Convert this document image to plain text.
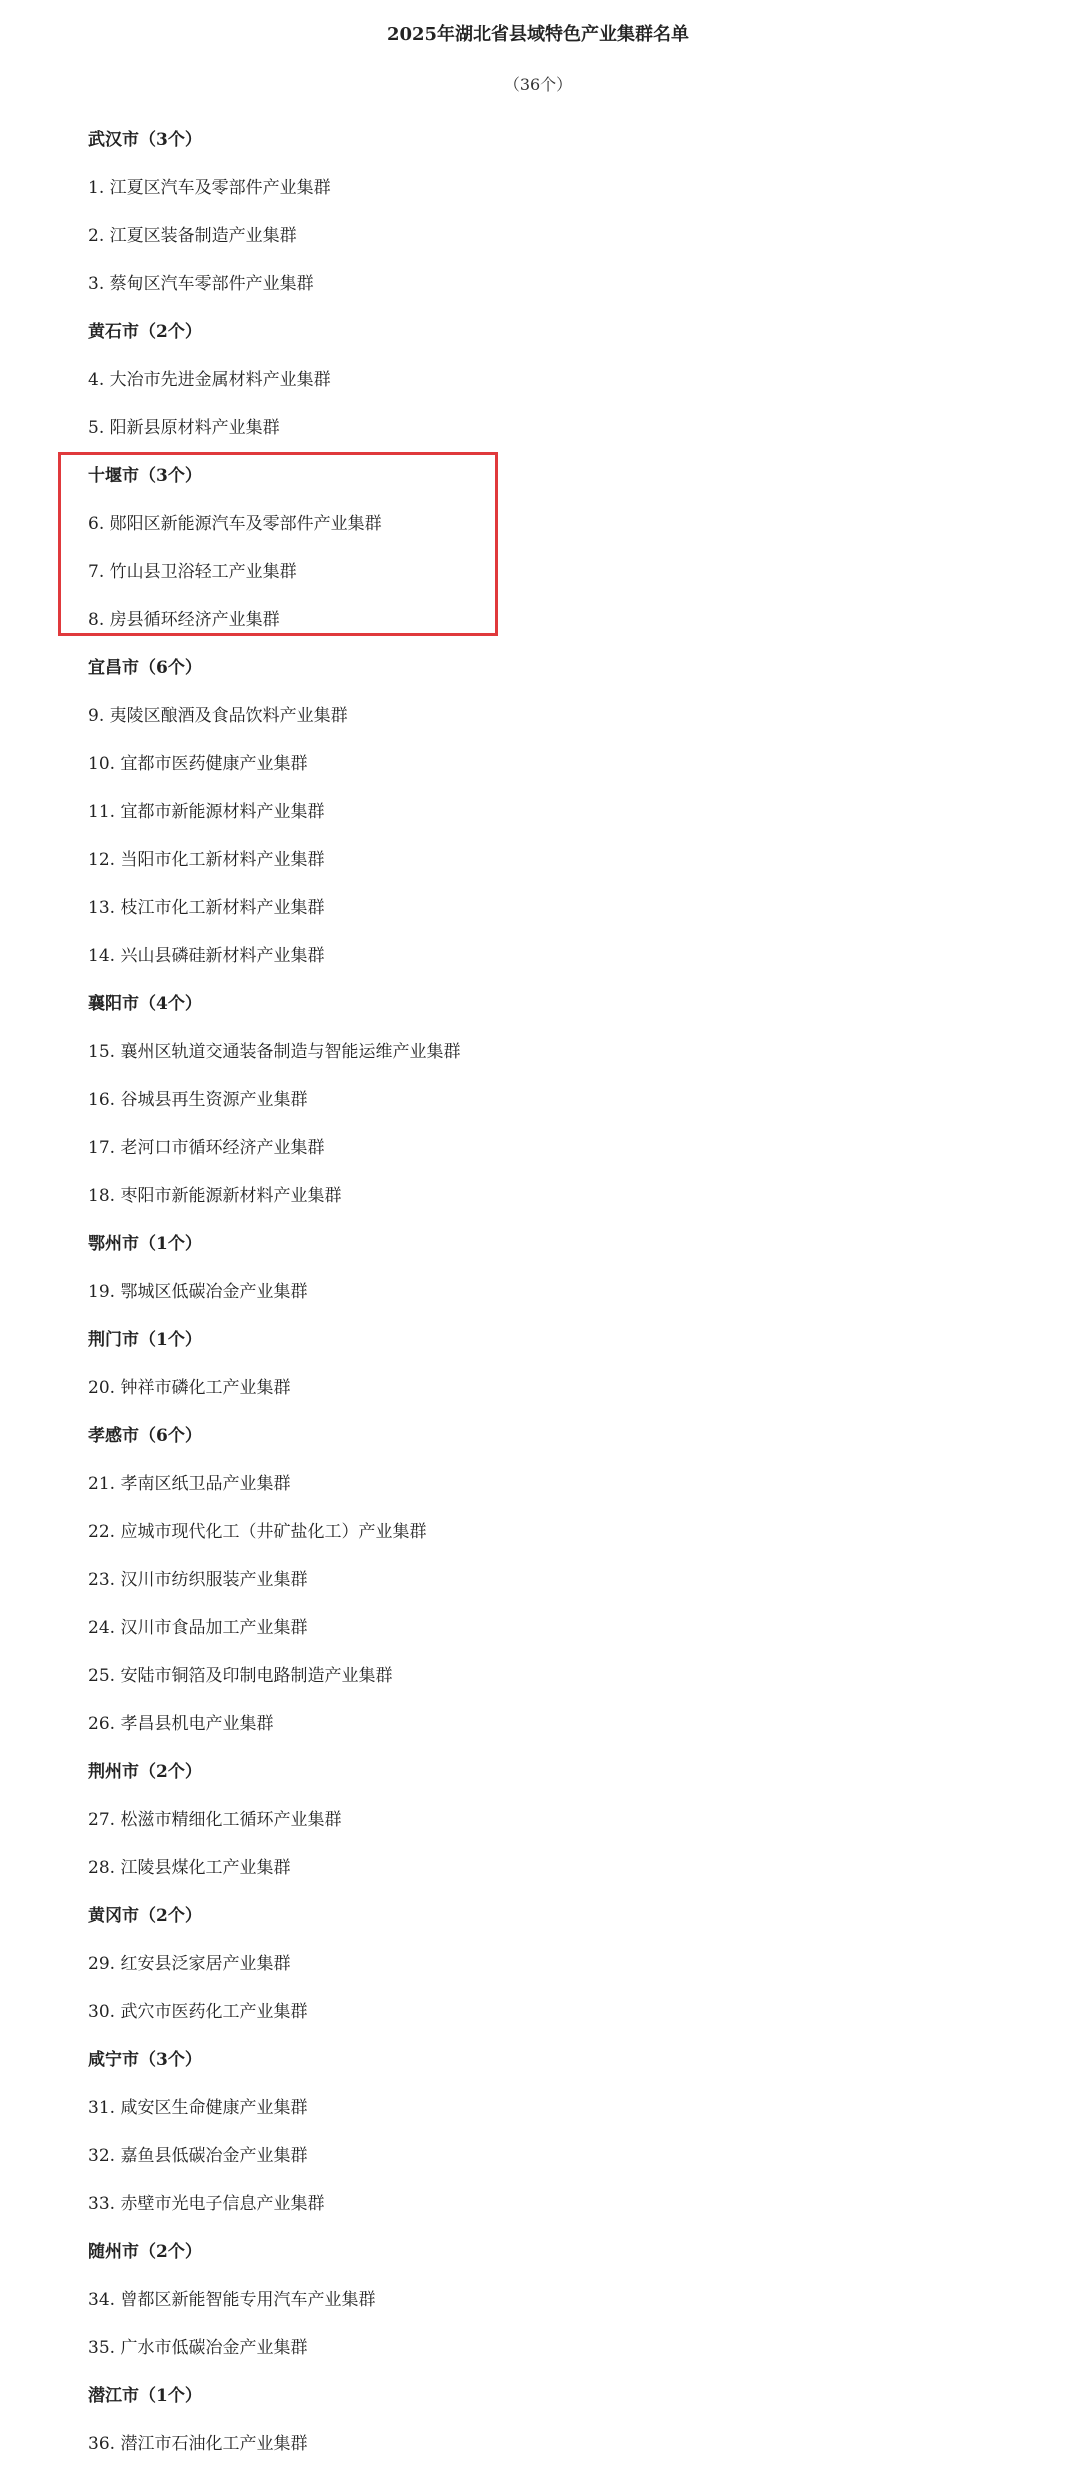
2025年湖北省县域特色产业集群名单
（36个）
武汉市（3个）
1. 江夏区汽车及零部件产业集群
2. 江夏区装备制造产业集群
3. 蔡甸区汽车零部件产业集群
黄石市（2个）
4. 大冶市先进金属材料产业集群
5. 阳新县原材料产业集群
十堰市（3个）
6. 郧阳区新能源汽车及零部件产业集群
7. 竹山县卫浴轻工产业集群
8. 房县循环经济产业集群
宜昌市（6个）
9. 夷陵区酿酒及食品饮料产业集群
10. 宜都市医药健康产业集群
11. 宜都市新能源材料产业集群
12. 当阳市化工新材料产业集群
13. 枝江市化工新材料产业集群
14. 兴山县磷硅新材料产业集群
襄阳市（4个）
15. 襄州区轨道交通装备制造与智能运维产业集群
16. 谷城县再生资源产业集群
17. 老河口市循环经济产业集群
18. 枣阳市新能源新材料产业集群
鄂州市（1个）
19. 鄂城区低碳冶金产业集群
荆门市（1个）
20. 钟祥市磷化工产业集群
孝感市（6个）
21. 孝南区纸卫品产业集群
22. 应城市现代化工（井矿盐化工）产业集群
23. 汉川市纺织服装产业集群
24. 汉川市食品加工产业集群
25. 安陆市铜箔及印制电路制造产业集群
26. 孝昌县机电产业集群
荆州市（2个）
27. 松滋市精细化工循环产业集群
28. 江陵县煤化工产业集群
黄冈市（2个）
29. 红安县泛家居产业集群
30. 武穴市医药化工产业集群
咸宁市（3个）
31. 咸安区生命健康产业集群
32. 嘉鱼县低碳冶金产业集群
33. 赤壁市光电子信息产业集群
随州市（2个）
34. 曾都区新能智能专用汽车产业集群
35. 广水市低碳冶金产业集群
潜江市（1个）
36. 潜江市石油化工产业集群
